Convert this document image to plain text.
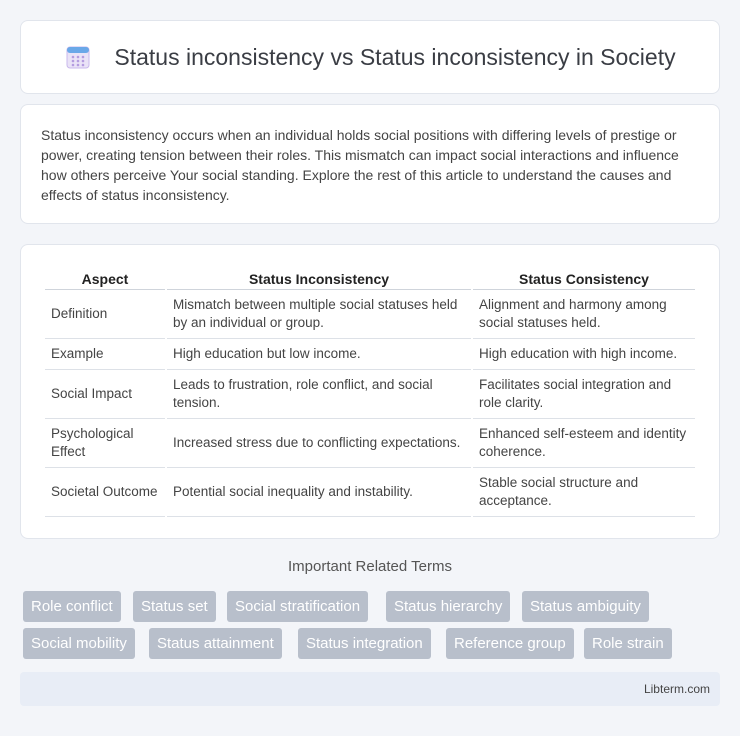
Status inconsistency vs Status inconsistency in Society

Status inconsistency occurs when an individual holds social positions with differing levels of prestige or power, creating tension between their roles. This mismatch can impact social interactions and influence how others perceive Your social standing. Explore the rest of this article to understand the causes and effects of status inconsistency.

Aspect	Status Inconsistency	Status Consistency
Definition	Mismatch between multiple social statuses held by an individual or group.	Alignment and harmony among social statuses held.
Example	High education but low income.	High education with high income.
Social Impact	Leads to frustration, role conflict, and social tension.	Facilitates social integration and role clarity.
Psychological Effect	Increased stress due to conflicting expectations.	Enhanced self-esteem and identity coherence.
Societal Outcome	Potential social inequality and instability.	Stable social structure and acceptance.
Important Related Terms
Role conflict	Status set	Social stratification	Status hierarchy	Status ambiguity
Social mobility	Status attainment	Status integration	Reference group	Role strain
Libterm.com
